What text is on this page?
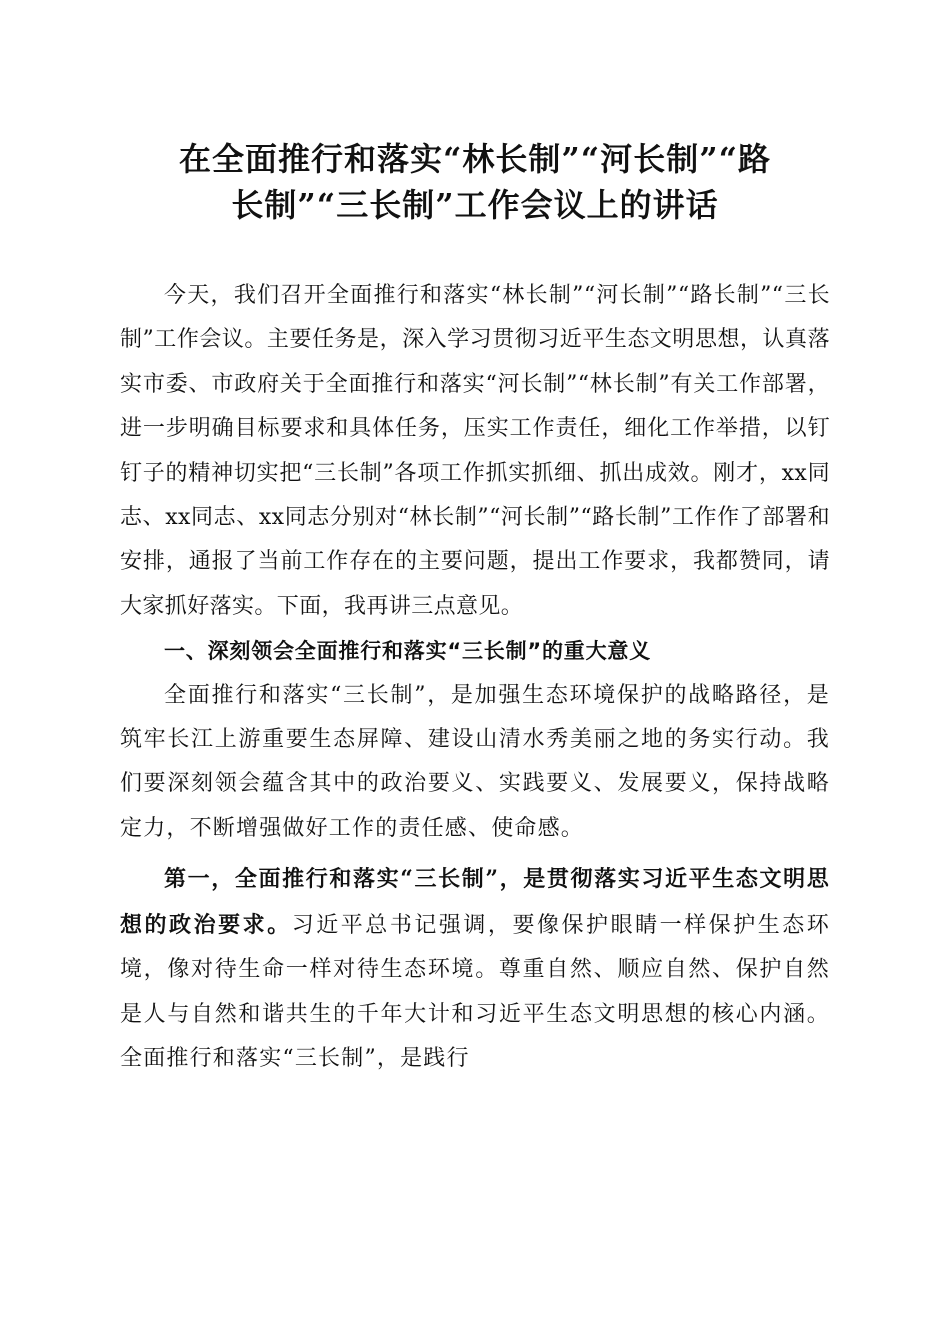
在全面推行和落实“林长制”“河长制”“路
长制”“三长制”工作会议上的讲话

今天，我们召开全面推行和落实“林长制”“河长制”“路长制”“三长制”工作会议。主要任务是，深入学习贯彻习近平生态文明思想，认真落实市委、市政府关于全面推行和落实“河长制”“林长制”有关工作部署，进一步明确目标要求和具体任务，压实工作责任，细化工作举措，以钉钉子的精神切实把“三长制”各项工作抓实抓细、抓出成效。刚才，xx同志、xx同志、xx同志分别对“林长制”“河长制”“路长制”工作作了部署和安排，通报了当前工作存在的主要问题，提出工作要求，我都赞同，请大家抓好落实。下面，我再讲三点意见。

一、深刻领会全面推行和落实“三长制”的重大意义

全面推行和落实“三长制”，是加强生态环境保护的战略路径，是筑牢长江上游重要生态屏障、建设山清水秀美丽之地的务实行动。我们要深刻领会蕴含其中的政治要义、实践要义、发展要义，保持战略定力，不断增强做好工作的责任感、使命感。

第一，全面推行和落实“三长制”，是贯彻落实习近平生态文明思想的政治要求。习近平总书记强调，要像保护眼睛一样保护生态环境，像对待生命一样对待生态环境。尊重自然、顺应自然、保护自然是人与自然和谐共生的千年大计和习近平生态文明思想的核心内涵。全面推行和落实“三长制”，是践行
